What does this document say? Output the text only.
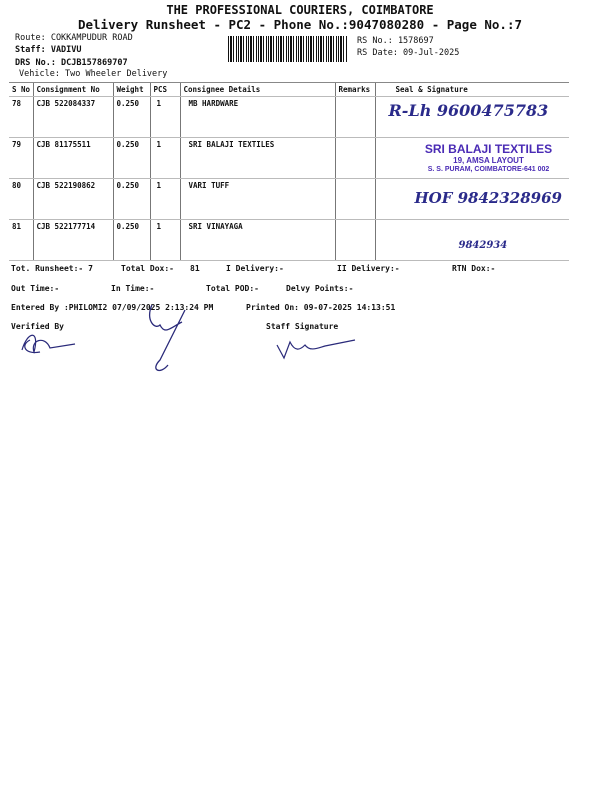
THE PROFESSIONAL COURIERS, COIMBATORE
Delivery Runsheet - PC2 - Phone No.:9047080280 - Page No.:7
Route: COKKAMPUDUR ROAD
Staff: VADIVU
DRS No.: DCJB157869707
Vehicle: Two Wheeler Delivery
RS No.: 1578697
RS Date: 09-Jul-2025
S No	Consignment No	Weight	PCS	Consignee Details	Remarks	Seal & Signature
78	CJB 522084337	0.250	1	MB HARDWARE		R-Lh 9600475783

79	CJB 81175511	0.250	1	SRI BALAJI TEXTILES		SRI BALAJI TEXTILES
19, AMSA LAYOUT
S. S. PURAM, COIMBATORE-641 002

80	CJB 522190862	0.250	1	VARI TUFF		HOF 9842328969

81	CJB 522177714	0.250	1	SRI VINAYAGA		9842934
Tot. Runsheet:- 7	Total Dox:- 81	I Delivery:-	II Delivery:-	RTN Dox:-
Out Time:-	In Time:-	Total POD:-	Delvy Points:-
Entered By :PHILOMI2 07/09/2025 2:13:24 PM	Printed On: 09-07-2025 14:13:51
Verified By	Staff Signature
